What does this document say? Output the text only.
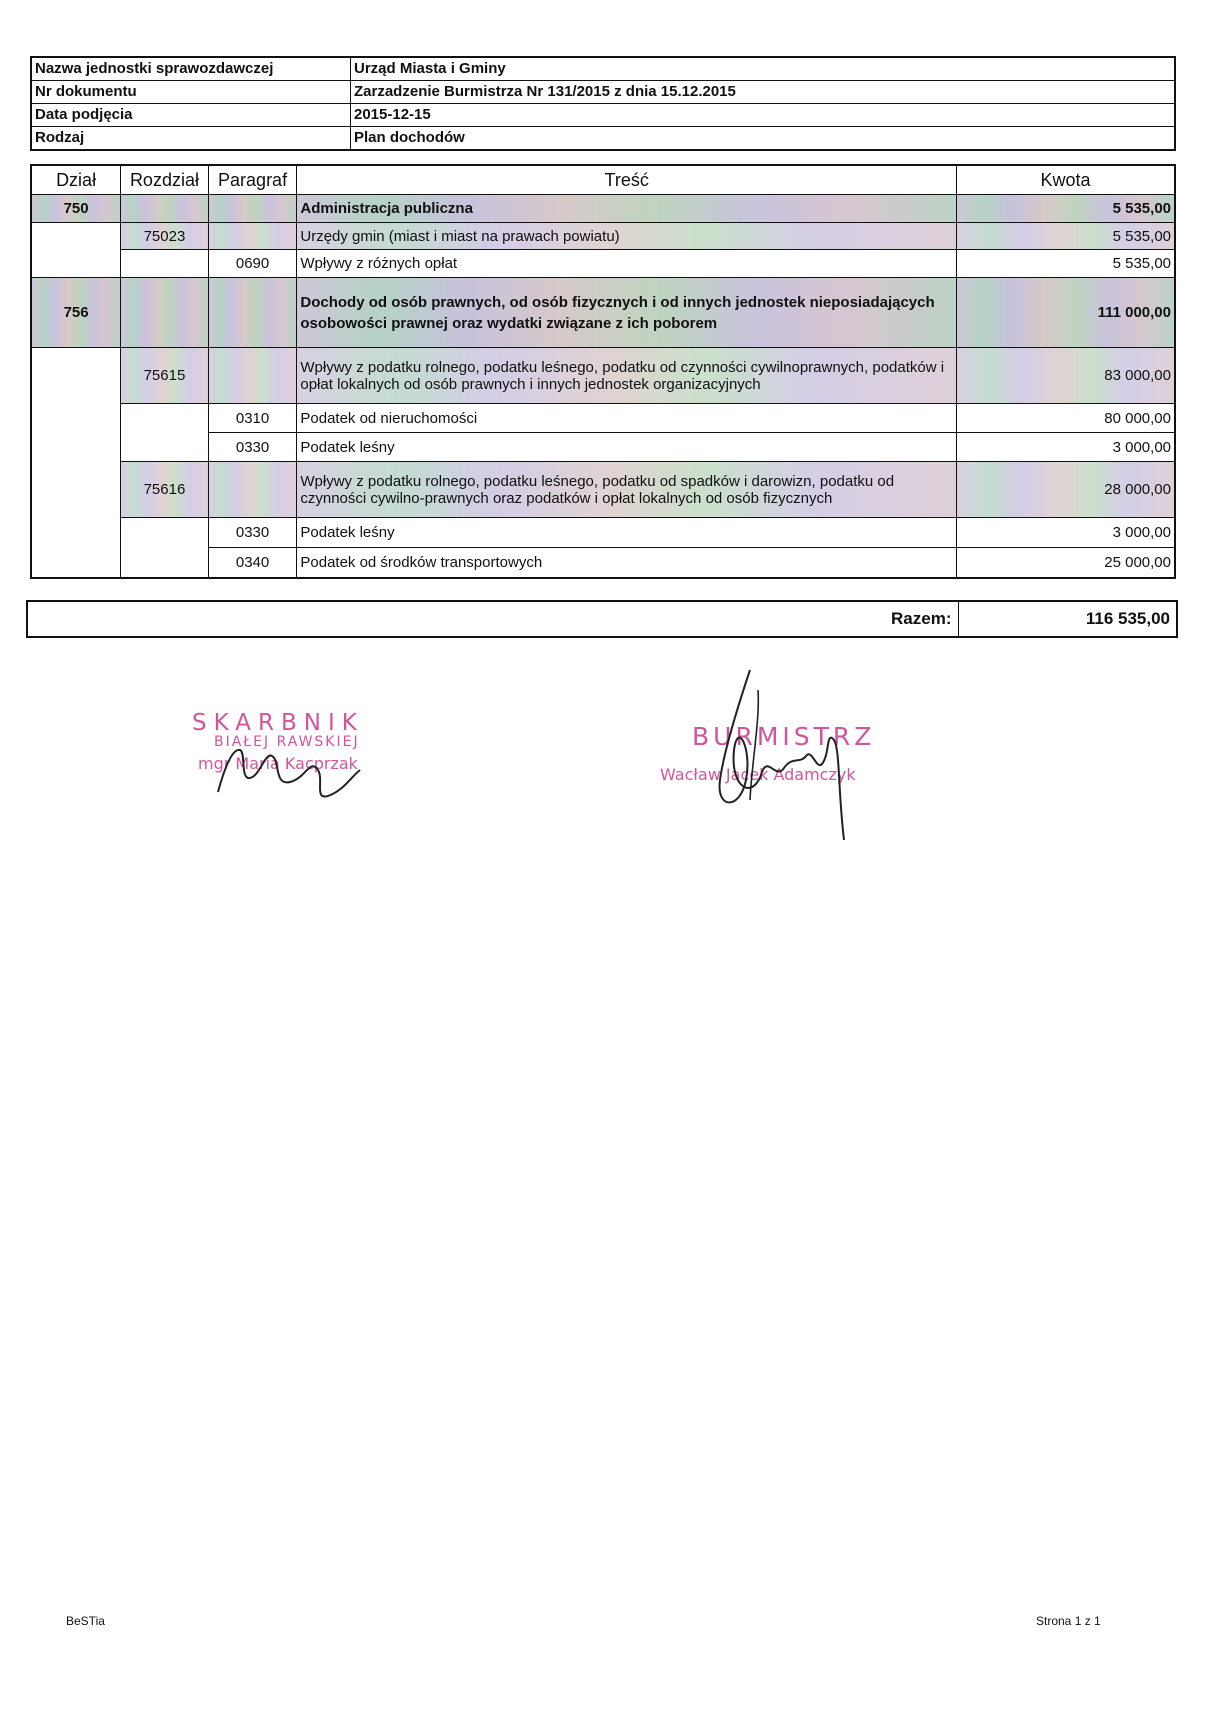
Nazwa jednostki sprawozdawczej	Urząd Miasta i Gminy
Nr dokumentu	Zarzadzenie Burmistrza Nr 131/2015 z dnia 15.12.2015
Data podjęcia	2015-12-15
Rodzaj	Plan dochodów
Dział	Rozdział	Paragraf	Treść	Kwota
750			Administracja publiczna	5 535,00
	75023		Urzędy gmin (miast i miast na prawach powiatu)	5 535,00
		0690	Wpływy z różnych opłat	5 535,00
756			Dochody od osób prawnych, od osób fizycznych i od innych jednostek nieposiadających osobowości prawnej oraz wydatki związane z ich poborem	111 000,00
	75615		Wpływy z podatku rolnego, podatku leśnego, podatku od czynności cywilnoprawnych, podatków i opłat lokalnych od osób prawnych i innych jednostek organizacyjnych	83 000,00
		0310	Podatek od nieruchomości	80 000,00
		0330	Podatek leśny	3 000,00
	75616		Wpływy z podatku rolnego, podatku leśnego, podatku od spadków i darowizn, podatku od czynności cywilno-prawnych oraz podatków i opłat lokalnych od osób fizycznych	28 000,00
		0330	Podatek leśny	3 000,00
		0340	Podatek od środków transportowych	25 000,00
Razem:	116 535,00
SKARBNIK
BIAŁEJ RAWSKIEJ
mgr Maria Kacprzak
BURMISTRZ
Wacław Jacek Adamczyk
BeSTia	Strona 1 z 1
